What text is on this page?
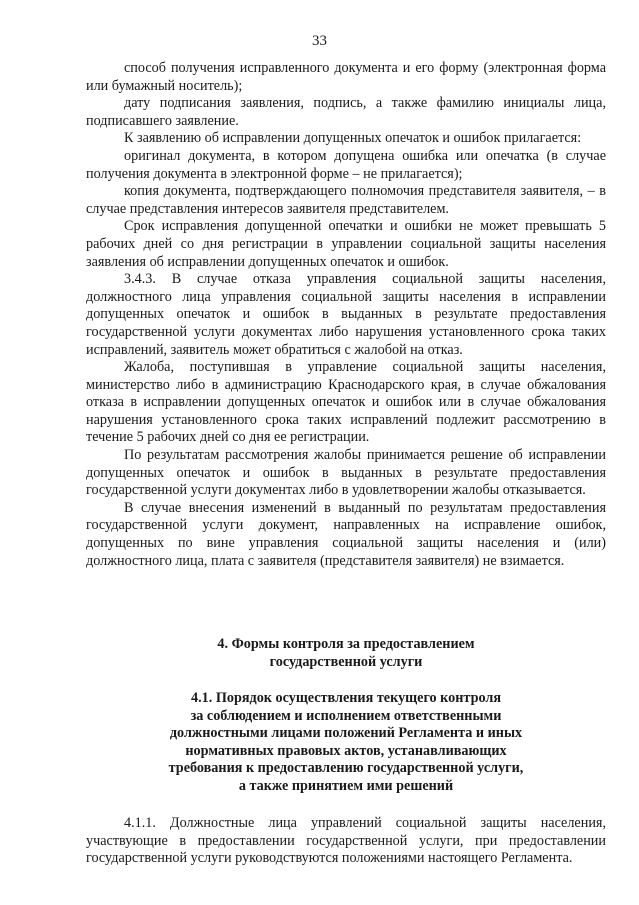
33

способ получения исправленного документа и его форму (электронная форма или бумажный носитель);

дату подписания заявления, подпись, а также фамилию инициалы лица, подписавшего заявление.

К заявлению об исправлении допущенных опечаток и ошибок прилагается:

оригинал документа, в котором допущена ошибка или опечатка (в случае получения документа в электронной форме – не прилагается);

копия документа, подтверждающего полномочия представителя заявителя, – в случае представления интересов заявителя представителем.

Срок исправления допущенной опечатки и ошибки не может превышать 5 рабочих дней со дня регистрации в управлении социальной защиты населения заявления об исправлении допущенных опечаток и ошибок.

3.4.3. В случае отказа управления социальной защиты населения, должностного лица управления социальной защиты населения в исправлении допущенных опечаток и ошибок в выданных в результате предоставления государственной услуги документах либо нарушения установленного срока таких исправлений, заявитель может обратиться с жалобой на отказ.

Жалоба, поступившая в управление социальной защиты населения, министерство либо в администрацию Краснодарского края, в случае обжалования отказа в исправлении допущенных опечаток и ошибок или в случае обжалования нарушения установленного срока таких исправлений подлежит рассмотрению в течение 5 рабочих дней со дня ее регистрации.

По результатам рассмотрения жалобы принимается решение об исправлении допущенных опечаток и ошибок в выданных в результате предоставления государственной услуги документах либо в удовлетворении жалобы отказывается.

В случае внесения изменений в выданный по результатам предоставления государственной услуги документ, направленных на исправление ошибок, допущенных по вине управления социальной защиты населения и (или) должностного лица, плата с заявителя (представителя заявителя) не взимается.

4. Формы контроля за предоставлением

государственной услуги

4.1. Порядок осуществления текущего контроля

за соблюдением и исполнением ответственными

должностными лицами положений Регламента и иных

нормативных правовых актов, устанавливающих

требования к предоставлению государственной услуги,

а также принятием ими решений

4.1.1. Должностные лица управлений социальной защиты населения, участвующие в предоставлении государственной услуги, при предоставлении государственной услуги руководствуются положениями настоящего Регламента.
